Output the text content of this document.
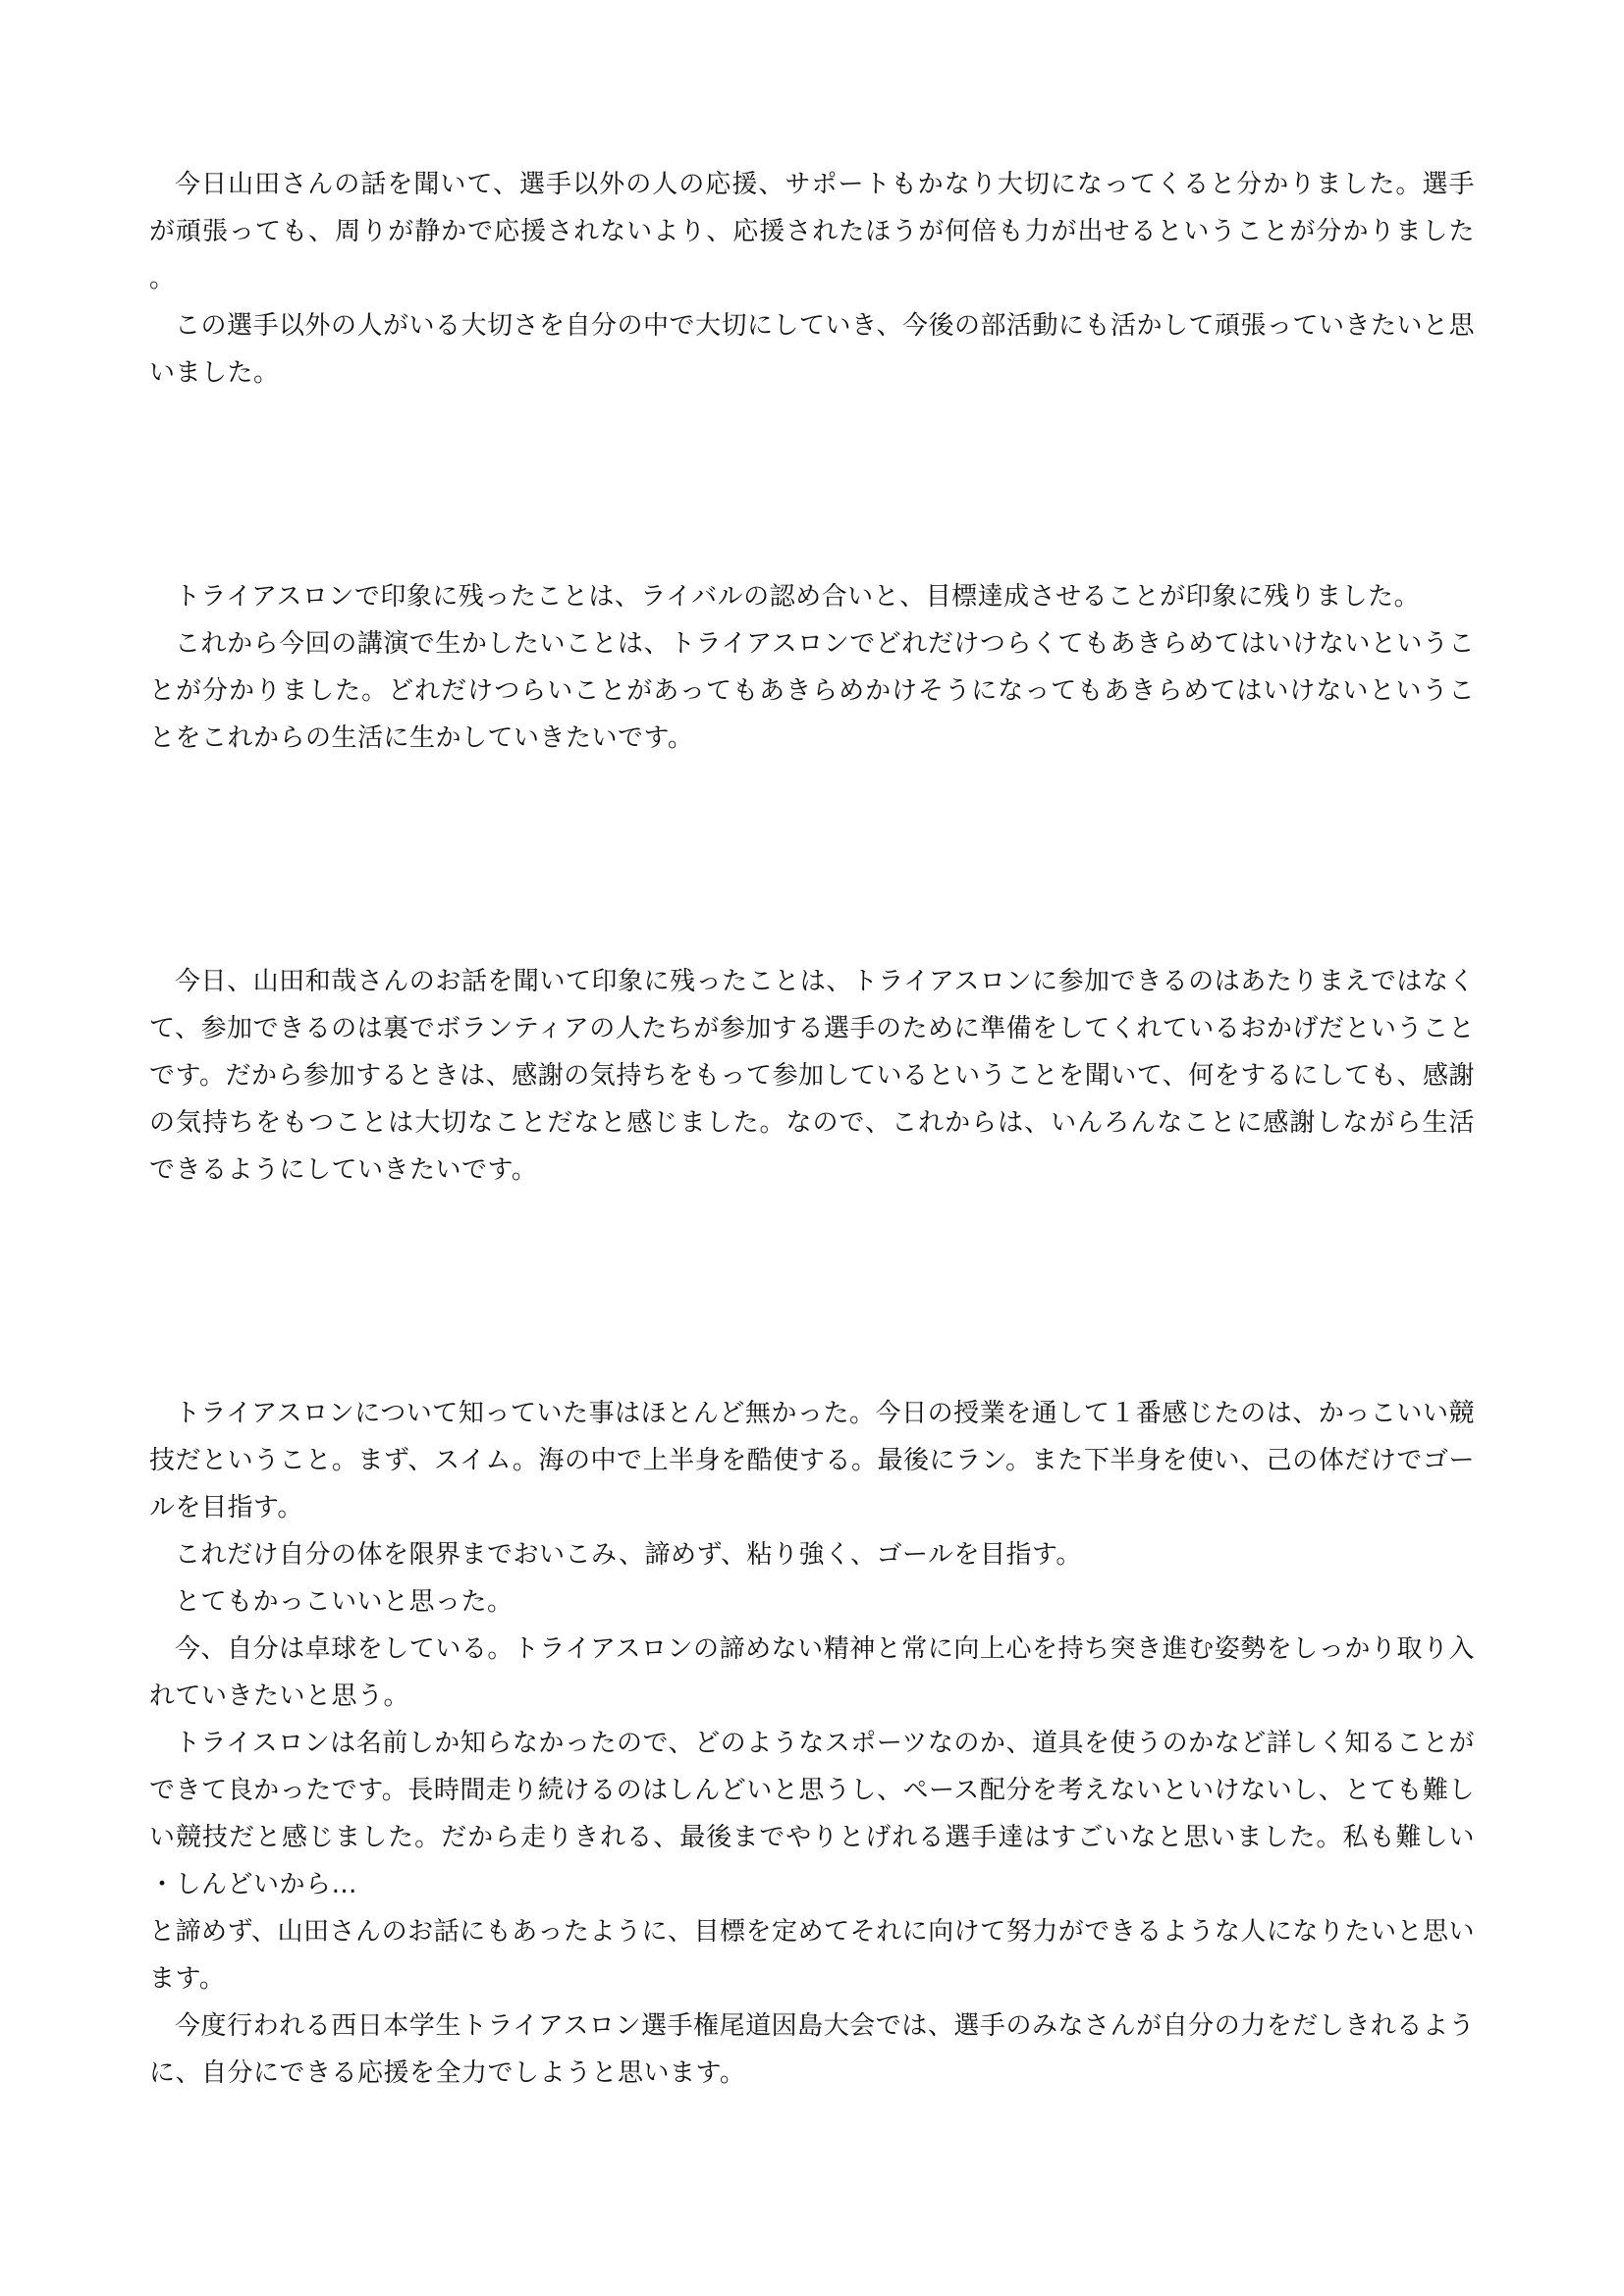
今日山田さんの話を聞いて、選手以外の人の応援、サポートもかなり大切になってくると分かりました。選手が頑張っても、周りが静かで応援されないより、応援されたほうが何倍も力が出せるということが分かりました。

この選手以外の人がいる大切さを自分の中で大切にしていき、今後の部活動にも活かして頑張っていきたいと思いました。

トライアスロンで印象に残ったことは、ライバルの認め合いと、目標達成させることが印象に残りました。

これから今回の講演で生かしたいことは、トライアスロンでどれだけつらくてもあきらめてはいけないということが分かりました。どれだけつらいことがあってもあきらめかけそうになってもあきらめてはいけないということをこれからの生活に生かしていきたいです。

今日、山田和哉さんのお話を聞いて印象に残ったことは、トライアスロンに参加できるのはあたりまえではなくて、参加できるのは裏でボランティアの人たちが参加する選手のために準備をしてくれているおかげだということです。だから参加するときは、感謝の気持ちをもって参加しているということを聞いて、何をするにしても、感謝の気持ちをもつことは大切なことだなと感じました。なので、これからは、いんろんなことに感謝しながら生活できるようにしていきたいです。

トライアスロンについて知っていた事はほとんど無かった。今日の授業を通して１番感じたのは、かっこいい競技だということ。まず、スイム。海の中で上半身を酷使する。最後にラン。また下半身を使い、己の体だけでゴールを目指す。

これだけ自分の体を限界までおいこみ、諦めず、粘り強く、ゴールを目指す。

とてもかっこいいと思った。

今、自分は卓球をしている。トライアスロンの諦めない精神と常に向上心を持ち突き進む姿勢をしっかり取り入れていきたいと思う。

トライスロンは名前しか知らなかったので、どのようなスポーツなのか、道具を使うのかなど詳しく知ることができて良かったです。長時間走り続けるのはしんどいと思うし、ペース配分を考えないといけないし、とても難しい競技だと感じました。だから走りきれる、最後までやりとげれる選手達はすごいなと思いました。私も難しい・しんどいから…

と諦めず、山田さんのお話にもあったように、目標を定めてそれに向けて努力ができるような人になりたいと思います。

今度行われる西日本学生トライアスロン選手権尾道因島大会では、選手のみなさんが自分の力をだしきれるように、自分にできる応援を全力でしようと思います。
